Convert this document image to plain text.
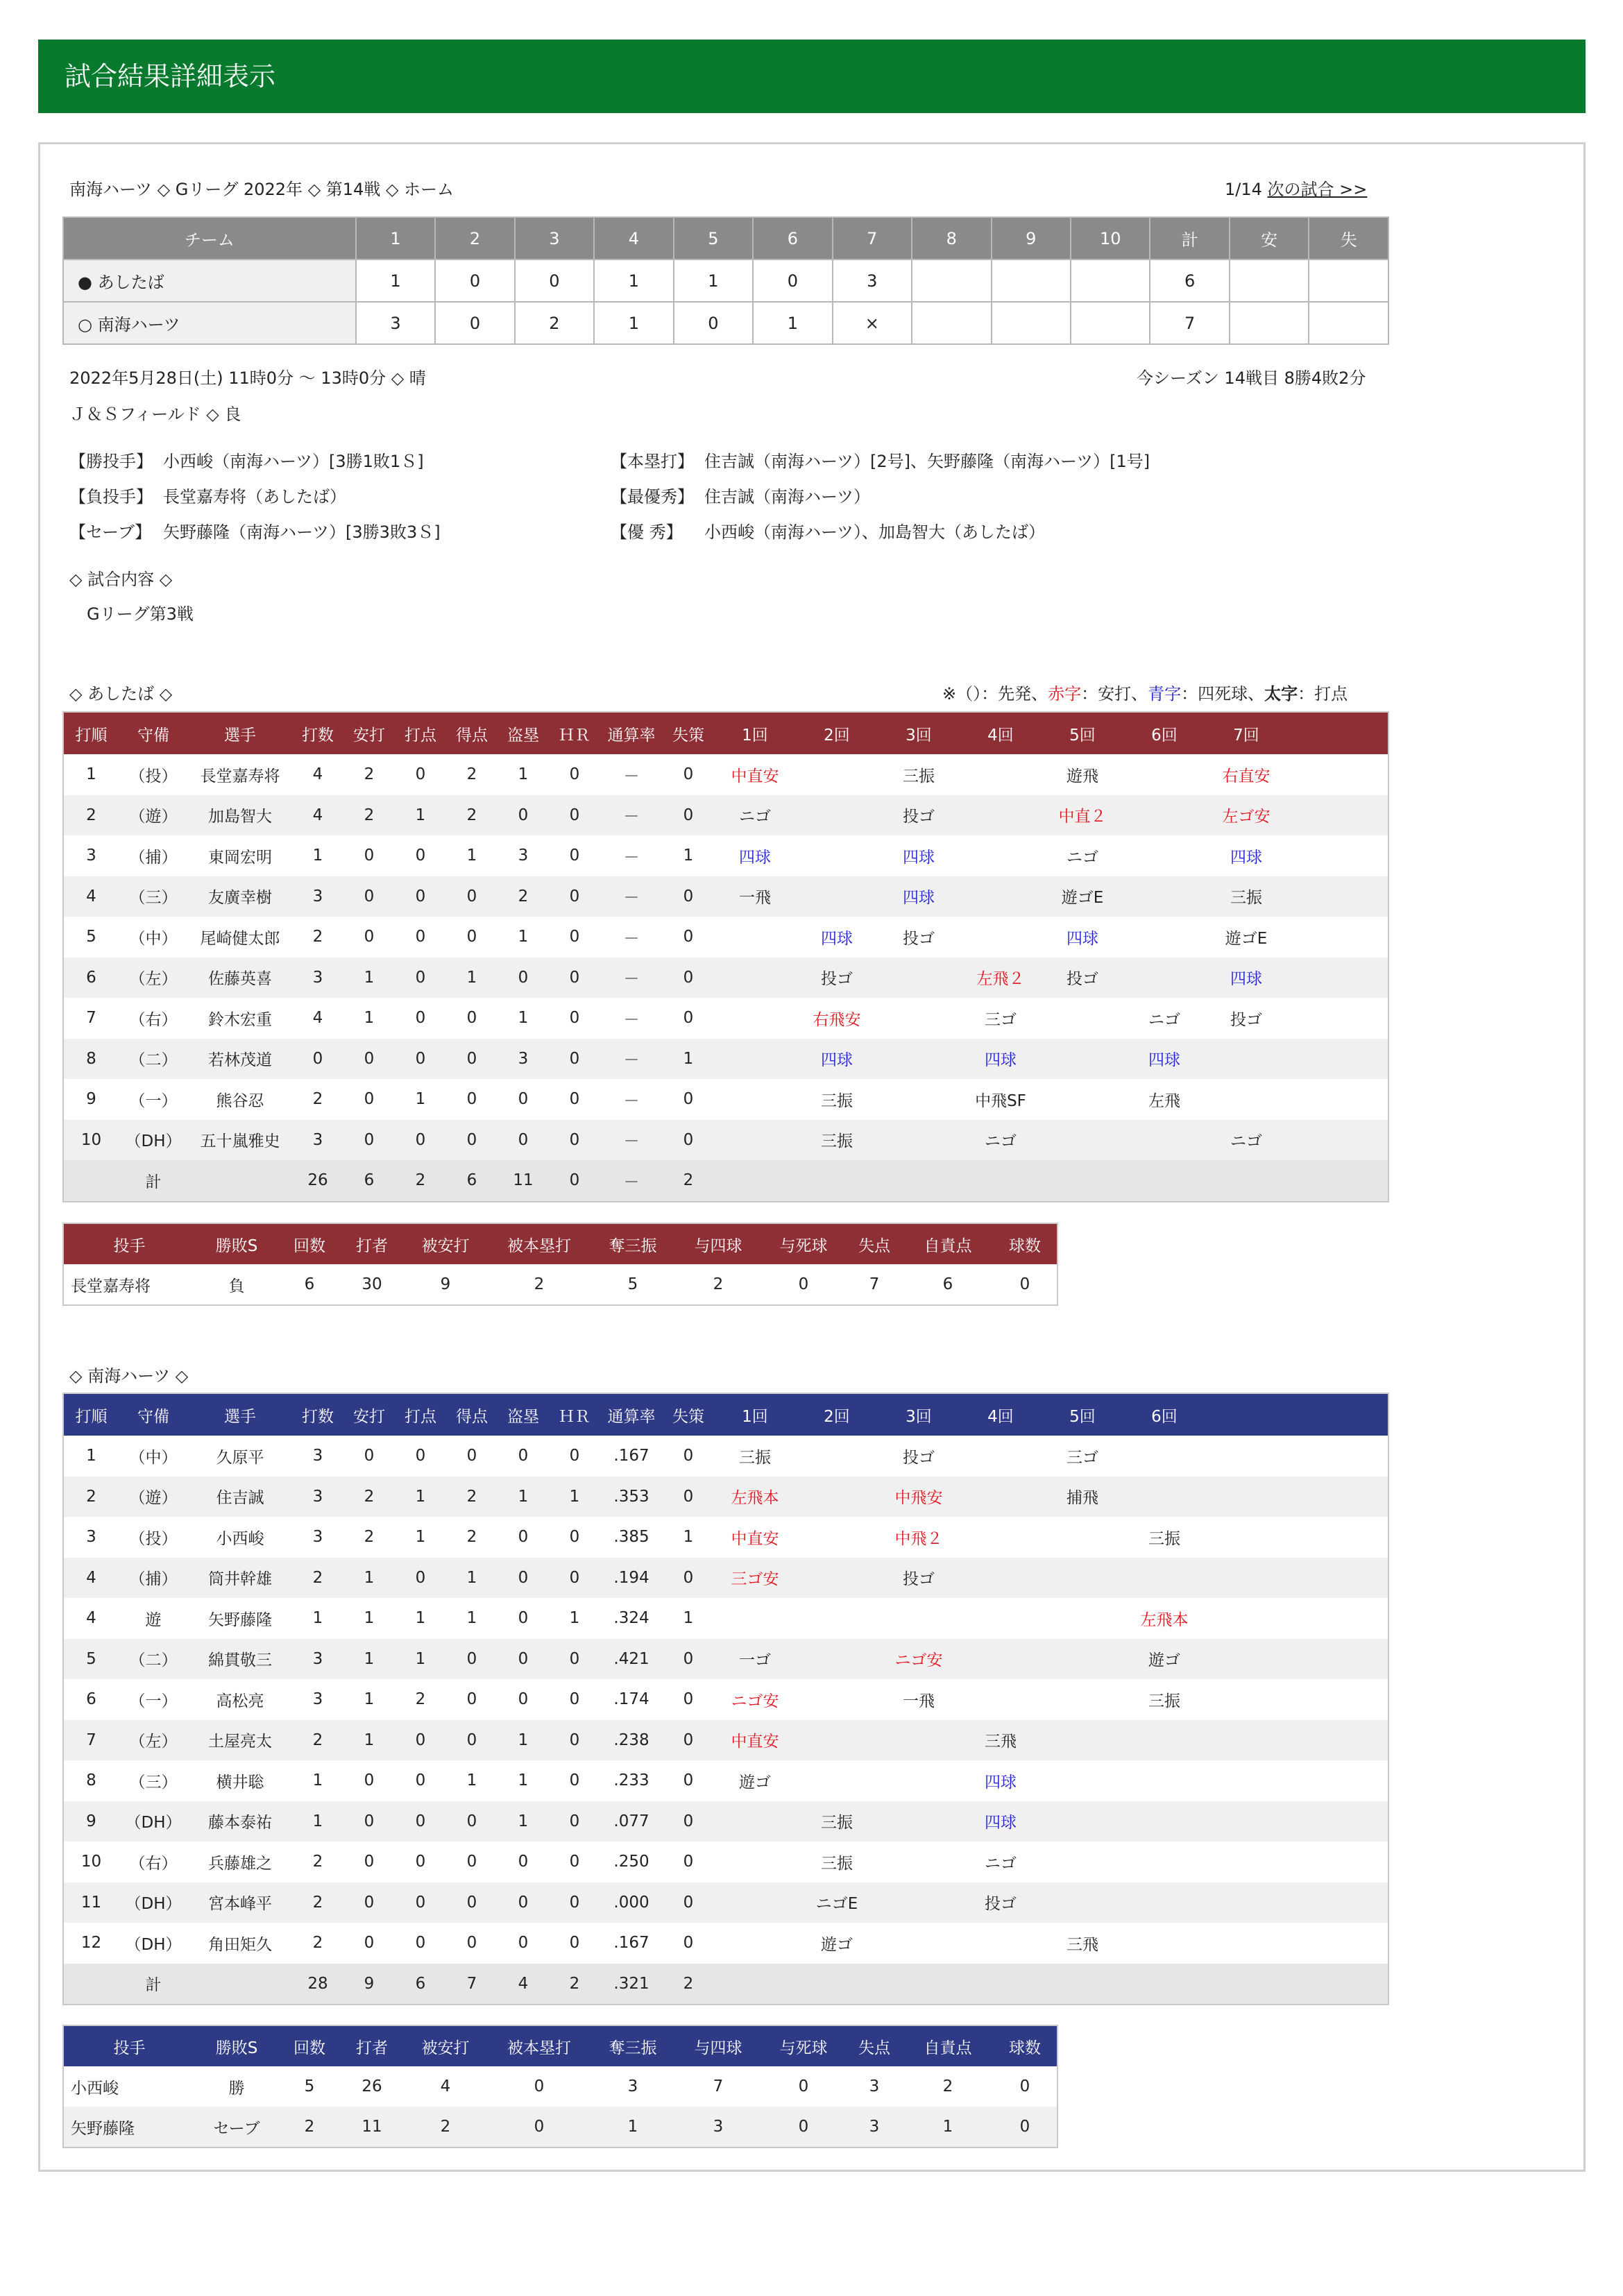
試合結果詳細表示
南海ハーツ ◇ Gリーグ 2022年 ◇ 第14戦 ◇ ホーム	1/14 次の試合 >>
チーム	1	2	3	4	5	6	7	8	9	10	計	安	失
● あしたば	1	0	0	1	1	0	3				6		
○ 南海ハーツ	3	0	2	1	0	1	×				7		
2022年5月28日(土) 11時0分 ～ 13時0分 ◇ 晴	今シーズン 14戦目 8勝4敗2分
Ｊ＆Ｓフィールド ◇ 良
【勝投手】 小西峻（南海ハーツ）[3勝1敗1Ｓ]
【負投手】 長堂嘉寿将（あしたば）
【セーブ】 矢野藤隆（南海ハーツ）[3勝3敗3Ｓ]
【本塁打】 住吉誠（南海ハーツ）[2号]、矢野藤隆（南海ハーツ）[1号]
【最優秀】 住吉誠（南海ハーツ）
【優 秀】 小西峻（南海ハーツ）、加島智大（あしたば）
◇ 試合内容 ◇
Gリーグ第3戦
◇ あしたば ◇	※（）：先発、赤字：安打、青字：四死球、太字：打点
打順	守備	選手	打数	安打	打点	得点	盗塁	ＨＲ	通算率	失策	1回	2回	3回	4回	5回	6回	7回	
1	（投）	長堂嘉寿将	4	2	0	2	1	0	－	0	中直安		三振		遊飛		右直安	
2	（遊）	加島智大	4	2	1	2	0	0	－	0	ニゴ		投ゴ		中直２		左ゴ安	
3	（捕）	東岡宏明	1	0	0	1	3	0	－	1	四球		四球		ニゴ		四球	
4	（三）	友廣幸樹	3	0	0	0	2	0	－	0	一飛		四球		遊ゴE		三振	
5	（中）	尾崎健太郎	2	0	0	0	1	0	－	0		四球	投ゴ		四球		遊ゴE	
6	（左）	佐藤英喜	3	1	0	1	0	0	－	0		投ゴ		左飛２	投ゴ		四球	
7	（右）	鈴木宏重	4	1	0	0	1	0	－	0		右飛安		三ゴ		ニゴ	投ゴ	
8	（二）	若林茂道	0	0	0	0	3	0	－	1		四球		四球		四球		
9	（一）	熊谷忍	2	0	1	0	0	0	－	0		三振		中飛SF		左飛		
10	（DH）	五十嵐雅史	3	0	0	0	0	0	－	0		三振		ニゴ			ニゴ	
	計		26	6	2	6	11	0	－	2								
投手	勝敗S	回数	打者	被安打	被本塁打	奪三振	与四球	与死球	失点	自責点	球数
長堂嘉寿将	負	6	30	9	2	5	2	0	7	6	0
◇ 南海ハーツ ◇
打順	守備	選手	打数	安打	打点	得点	盗塁	ＨＲ	通算率	失策	1回	2回	3回	4回	5回	6回		
1	（中）	久原平	3	0	0	0	0	0	.167	0	三振		投ゴ		三ゴ			
2	（遊）	住吉誠	3	2	1	2	1	1	.353	0	左飛本		中飛安		捕飛			
3	（投）	小西峻	3	2	1	2	0	0	.385	1	中直安		中飛２			三振		
4	（捕）	筒井幹雄	2	1	0	1	0	0	.194	0	三ゴ安		投ゴ					
4	遊	矢野藤隆	1	1	1	1	0	1	.324	1						左飛本		
5	（二）	綿貫敬三	3	1	1	0	0	0	.421	0	一ゴ		ニゴ安			遊ゴ		
6	（一）	高松亮	3	1	2	0	0	0	.174	0	ニゴ安		一飛			三振		
7	（左）	土屋亮太	2	1	0	0	1	0	.238	0	中直安			三飛				
8	（三）	横井聡	1	0	0	1	1	0	.233	0	遊ゴ			四球				
9	（DH）	藤本泰祐	1	0	0	0	1	0	.077	0		三振		四球				
10	（右）	兵藤雄之	2	0	0	0	0	0	.250	0		三振		ニゴ				
11	（DH）	宮本峰平	2	0	0	0	0	0	.000	0		ニゴE		投ゴ				
12	（DH）	角田矩久	2	0	0	0	0	0	.167	0		遊ゴ			三飛			
	計		28	9	6	7	4	2	.321	2								
投手	勝敗S	回数	打者	被安打	被本塁打	奪三振	与四球	与死球	失点	自責点	球数
小西峻	勝	5	26	4	0	3	7	0	3	2	0
矢野藤隆	セーブ	2	11	2	0	1	3	0	3	1	0
